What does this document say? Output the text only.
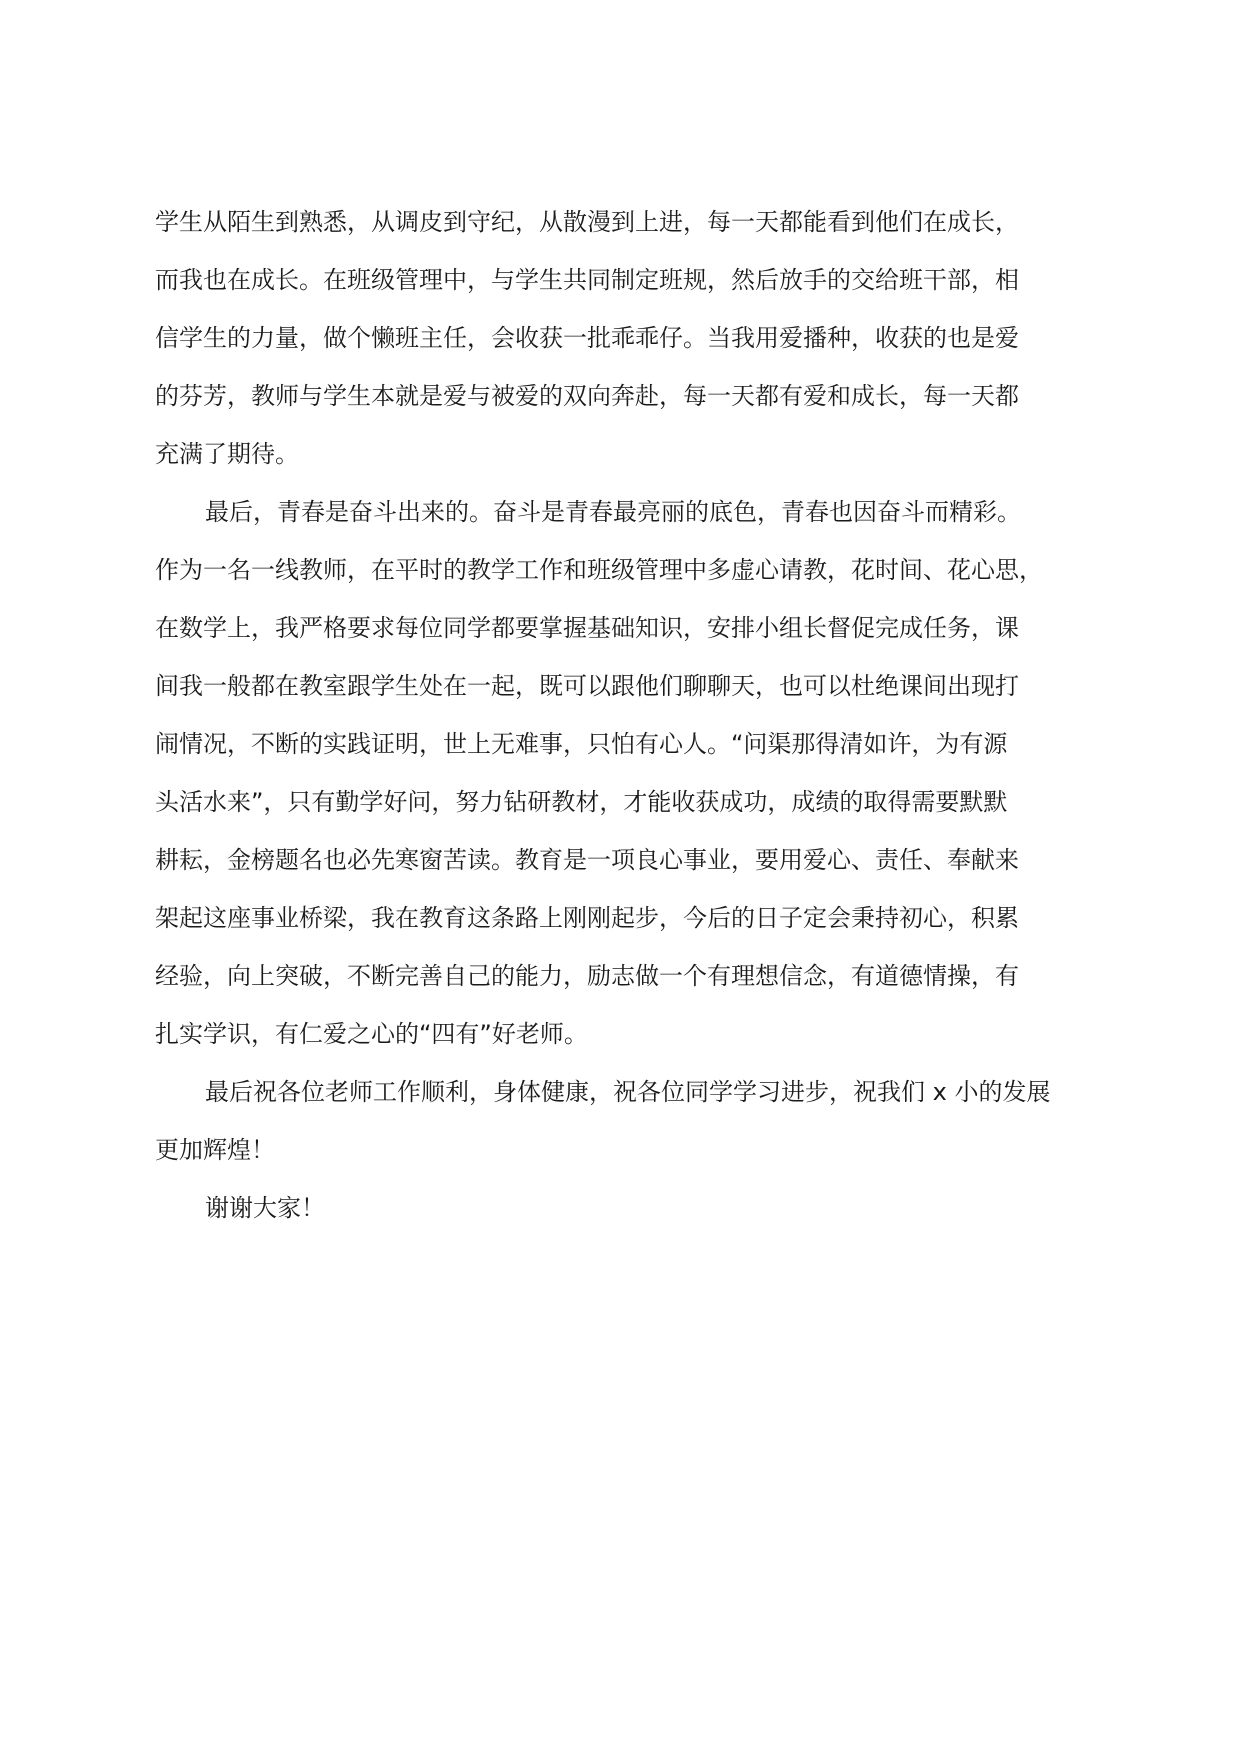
学生从陌生到熟悉，从调皮到守纪，从散漫到上进，每一天都能看到他们在成长，
而我也在成长。在班级管理中，与学生共同制定班规，然后放手的交给班干部，相
信学生的力量，做个懒班主任，会收获一批乖乖仔。当我用爱播种，收获的也是爱
的芬芳，教师与学生本就是爱与被爱的双向奔赴，每一天都有爱和成长，每一天都
充满了期待。
最后，青春是奋斗出来的。奋斗是青春最亮丽的底色，青春也因奋斗而精彩。
作为一名一线教师，在平时的教学工作和班级管理中多虚心请教，花时间、花心思，
在数学上，我严格要求每位同学都要掌握基础知识，安排小组长督促完成任务，课
间我一般都在教室跟学生处在一起，既可以跟他们聊聊天，也可以杜绝课间出现打
闹情况，不断的实践证明，世上无难事，只怕有心人。“问渠那得清如许，为有源
头活水来”，只有勤学好问，努力钻研教材，才能收获成功，成绩的取得需要默默
耕耘，金榜题名也必先寒窗苦读。教育是一项良心事业，要用爱心、责任、奉献来
架起这座事业桥梁，我在教育这条路上刚刚起步，今后的日子定会秉持初心，积累
经验，向上突破，不断完善自己的能力，励志做一个有理想信念，有道德情操，有
扎实学识，有仁爱之心的“四有”好老师。
最后祝各位老师工作顺利，身体健康，祝各位同学学习进步，祝我们 x 小的发展
更加辉煌！
谢谢大家！
